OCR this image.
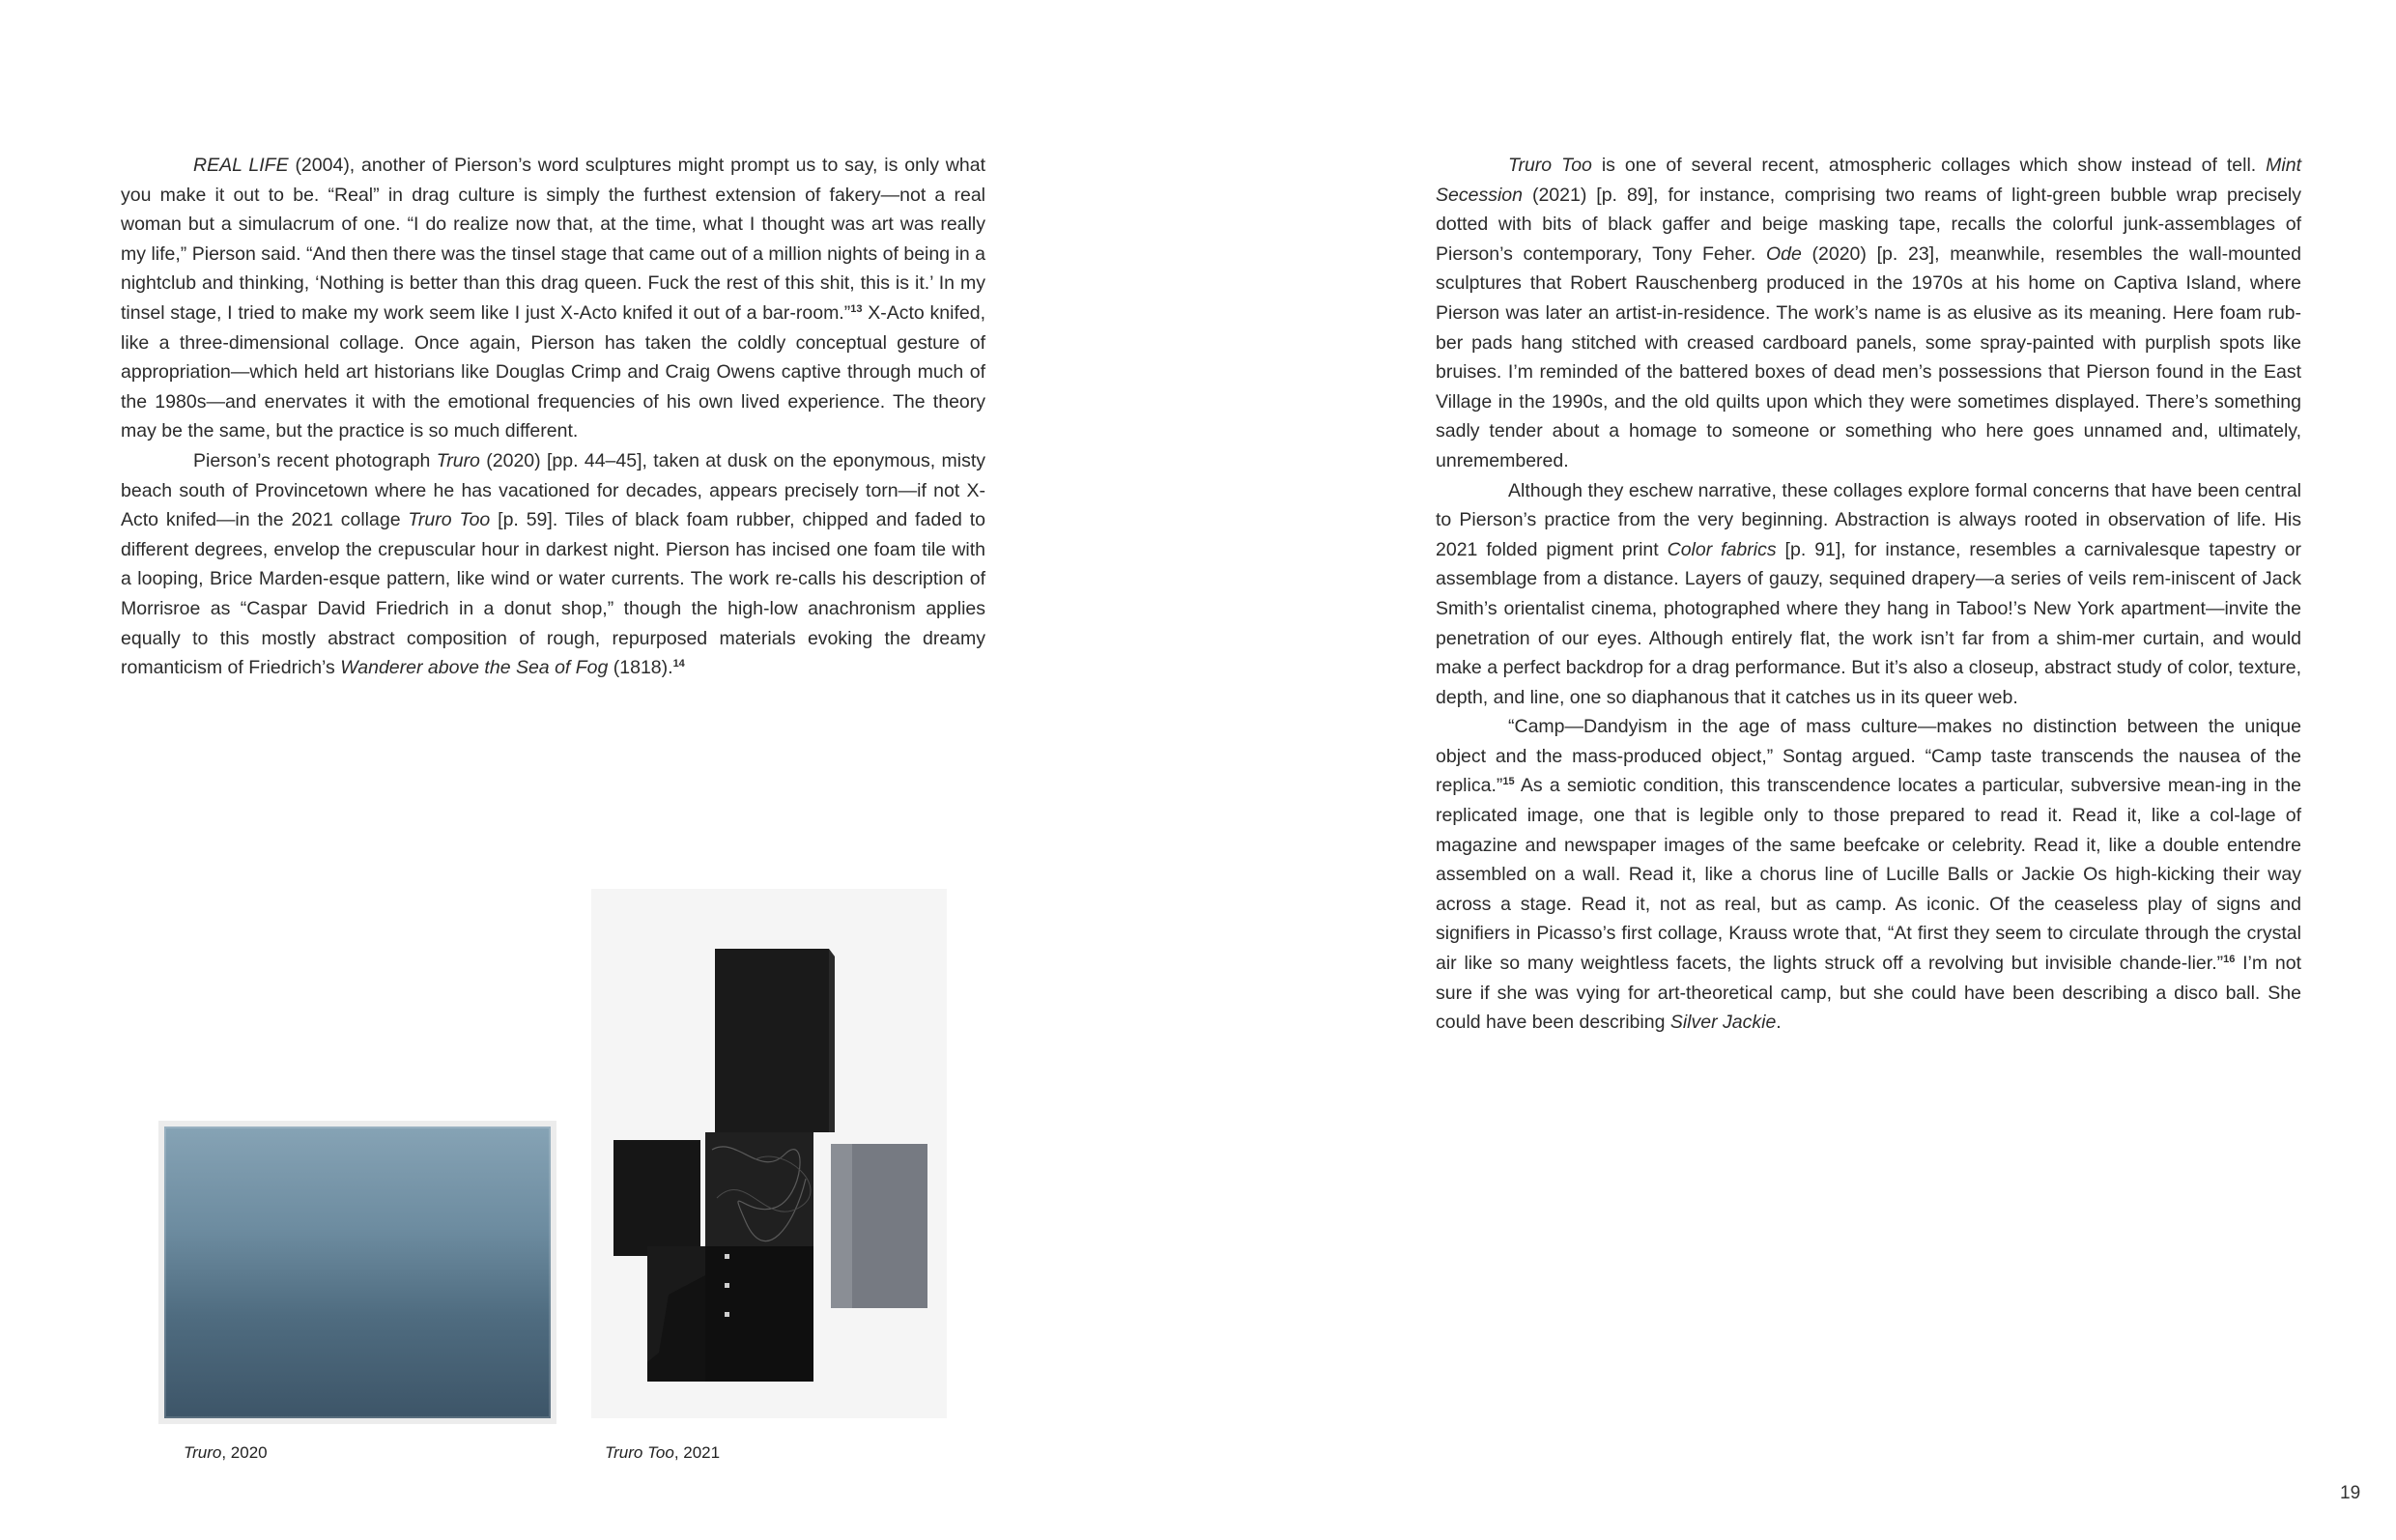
REAL LIFE (2004), another of Pierson’s word sculptures might prompt us to say, is only what you make it out to be. “Real” in drag culture is simply the furthest extension of fakery—not a real woman but a simulacrum of one. “I do realize now that, at the time, what I thought was art was really my life,” Pierson said. “And then there was the tinsel stage that came out of a million nights of being in a nightclub and thinking, ‘Nothing is better than this drag queen. Fuck the rest of this shit, this is it.’ In my tinsel stage, I tried to make my work seem like I just X-Acto knifed it out of a bar-room.”$^{13}$ X-Acto knifed, like a three-dimensional collage. Once again, Pierson has taken the coldly conceptual gesture of appropriation—which held art historians like Douglas Crimp and Craig Owens captive through much of the 1980s—and enervates it with the emotional frequencies of his own lived experience. The theory may be the same, but the practice is so much different.

Pierson’s recent photograph Truro (2020) [pp. 44–45], taken at dusk on the eponymous, misty beach south of Provincetown where he has vacationed for decades, appears precisely torn—if not X-Acto knifed—in the 2021 collage Truro Too [p. 59]. Tiles of black foam rubber, chipped and faded to different degrees, envelop the crepuscular hour in darkest night. Pierson has incised one foam tile with a looping, Brice Marden-esque pattern, like wind or water currents. The work re-calls his description of Morrisroe as “Caspar David Friedrich in a donut shop,” though the high-low anachronism applies equally to this mostly abstract composition of rough, repurposed materials evoking the dreamy romanticism of Friedrich’s Wanderer above the Sea of Fog (1818).$^{14}$

Truro Too is one of several recent, atmospheric collages which show instead of tell. Mint Secession (2021) [p. 89], for instance, comprising two reams of light-green bubble wrap precisely dotted with bits of black gaffer and beige masking tape, recalls the colorful junk-assemblages of Pierson’s contemporary, Tony Feher. Ode (2020) [p. 23], meanwhile, resembles the wall-mounted sculptures that Robert Rauschenberg produced in the 1970s at his home on Captiva Island, where Pierson was later an artist-in-residence. The work’s name is as elusive as its meaning. Here foam rub-ber pads hang stitched with creased cardboard panels, some spray-painted with purplish spots like bruises. I’m reminded of the battered boxes of dead men’s possessions that Pierson found in the East Village in the 1990s, and the old quilts upon which they were sometimes displayed. There’s something sadly tender about a homage to someone or something who here goes unnamed and, ultimately, unremembered.

Although they eschew narrative, these collages explore formal concerns that have been central to Pierson’s practice from the very beginning. Abstraction is always rooted in observation of life. His 2021 folded pigment print Color fabrics [p. 91], for instance, resembles a carnivalesque tapestry or assemblage from a distance. Layers of gauzy, sequined drapery—a series of veils rem-iniscent of Jack Smith’s orientalist cinema, photographed where they hang in Taboo!’s New York apartment—invite the penetration of our eyes. Although entirely flat, the work isn’t far from a shim-mer curtain, and would make a perfect backdrop for a drag performance. But it’s also a closeup, abstract study of color, texture, depth, and line, one so diaphanous that it catches us in its queer web.

“Camp—Dandyism in the age of mass culture—makes no distinction between the unique object and the mass-produced object,” Sontag argued. “Camp taste transcends the nausea of the replica.”$^{15}$ As a semiotic condition, this transcendence locates a particular, subversive mean-ing in the replicated image, one that is legible only to those prepared to read it. Read it, like a col-lage of magazine and newspaper images of the same beefcake or celebrity. Read it, like a double entendre assembled on a wall. Read it, like a chorus line of Lucille Balls or Jackie Os high-kicking their way across a stage. Read it, not as real, but as camp. As iconic. Of the ceaseless play of signs and signifiers in Picasso’s first collage, Krauss wrote that, “At first they seem to circulate through the crystal air like so many weightless facets, the lights struck off a revolving but invisible chande-lier.”$^{16}$ I’m not sure if she was vying for art-theoretical camp, but she could have been describing a disco ball. She could have been describing Silver Jackie.

Truro, 2020	Truro Too, 2021
19
